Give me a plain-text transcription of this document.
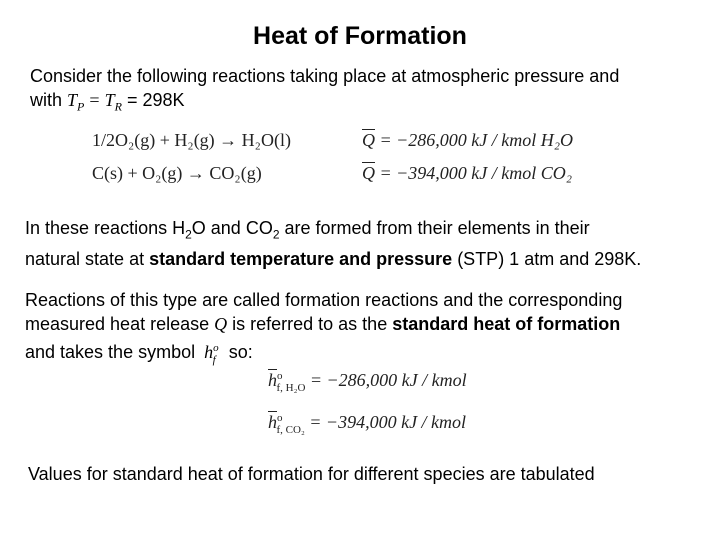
Heat of Formation
Consider the following reactions taking place at atmospheric pressure and
with $T_P = T_R = 298K$
1/2O₂(g) + H₂(g) → H₂O(l)	$\overline{Q} = -286,000$ kJ / kmol H₂O
C(s) + O₂(g) → CO₂(g)	$\overline{Q} = -394,000$ kJ / kmol CO₂
In these reactions $H_2O$ and $CO_2$ are formed from their elements in their
natural state at standard temperature and pressure (STP) 1 atm and 298K.
Reactions of this type are called formation reactions and the corresponding
measured heat release Q is referred to as the standard heat of formation
and takes the symbol $h^o_f$ so:
$\overline{h}^o_{f, H_2O} = -286,000$ kJ / kmol
$\overline{h}^o_{f, CO_2} = -394,000$ kJ / kmol
Values for standard heat of formation for different species are tabulated
